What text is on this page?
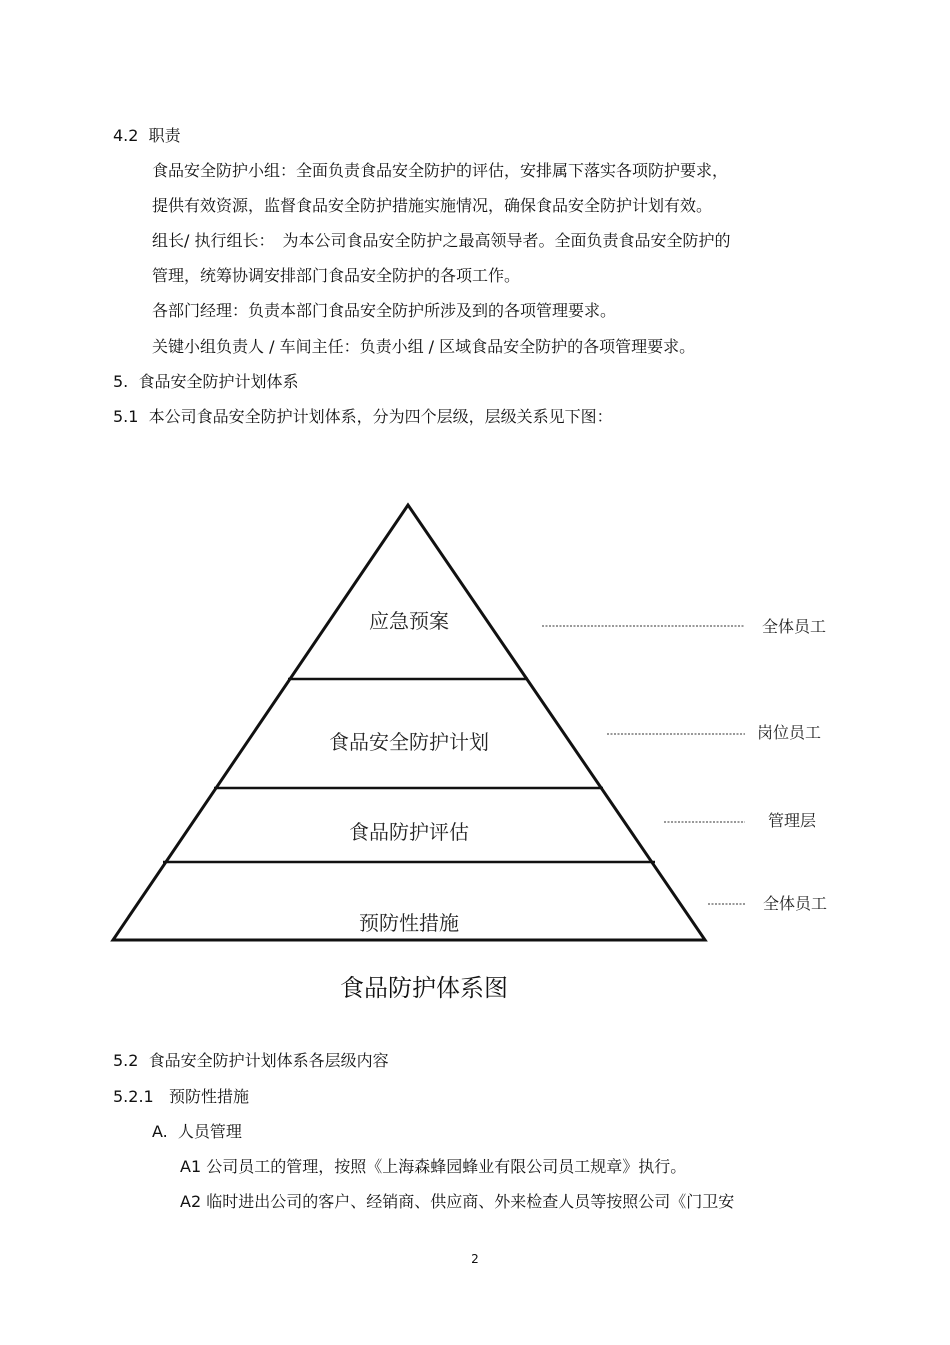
4.2 职责
食品安全防护小组：全面负责食品安全防护的评估，安排属下落实各项防护要求，
提供有效资源，监督食品安全防护措施实施情况，确保食品安全防护计划有效。
组长/ 执行组长：　为本公司食品安全防护之最高领导者。全面负责食品安全防护的
管理，统筹协调安排部门食品安全防护的各项工作。
各部门经理：负责本部门食品安全防护所涉及到的各项管理要求。
关键小组负责人 / 车间主任：负责小组 / 区域食品安全防护的各项管理要求。
5. 食品安全防护计划体系
5.1 本公司食品安全防护计划体系，分为四个层级，层级关系见下图：
应急预案
食品安全防护计划
食品防护评估
预防性措施
全体员工
岗位员工
管理层
全体员工
食品防护体系图
5.2 食品安全防护计划体系各层级内容
5.2.1 预防性措施
A. 人员管理
A1 公司员工的管理，按照《上海森蜂园蜂业有限公司员工规章》执行。
A2 临时进出公司的客户、经销商、供应商、外来检查人员等按照公司《门卫安
2
